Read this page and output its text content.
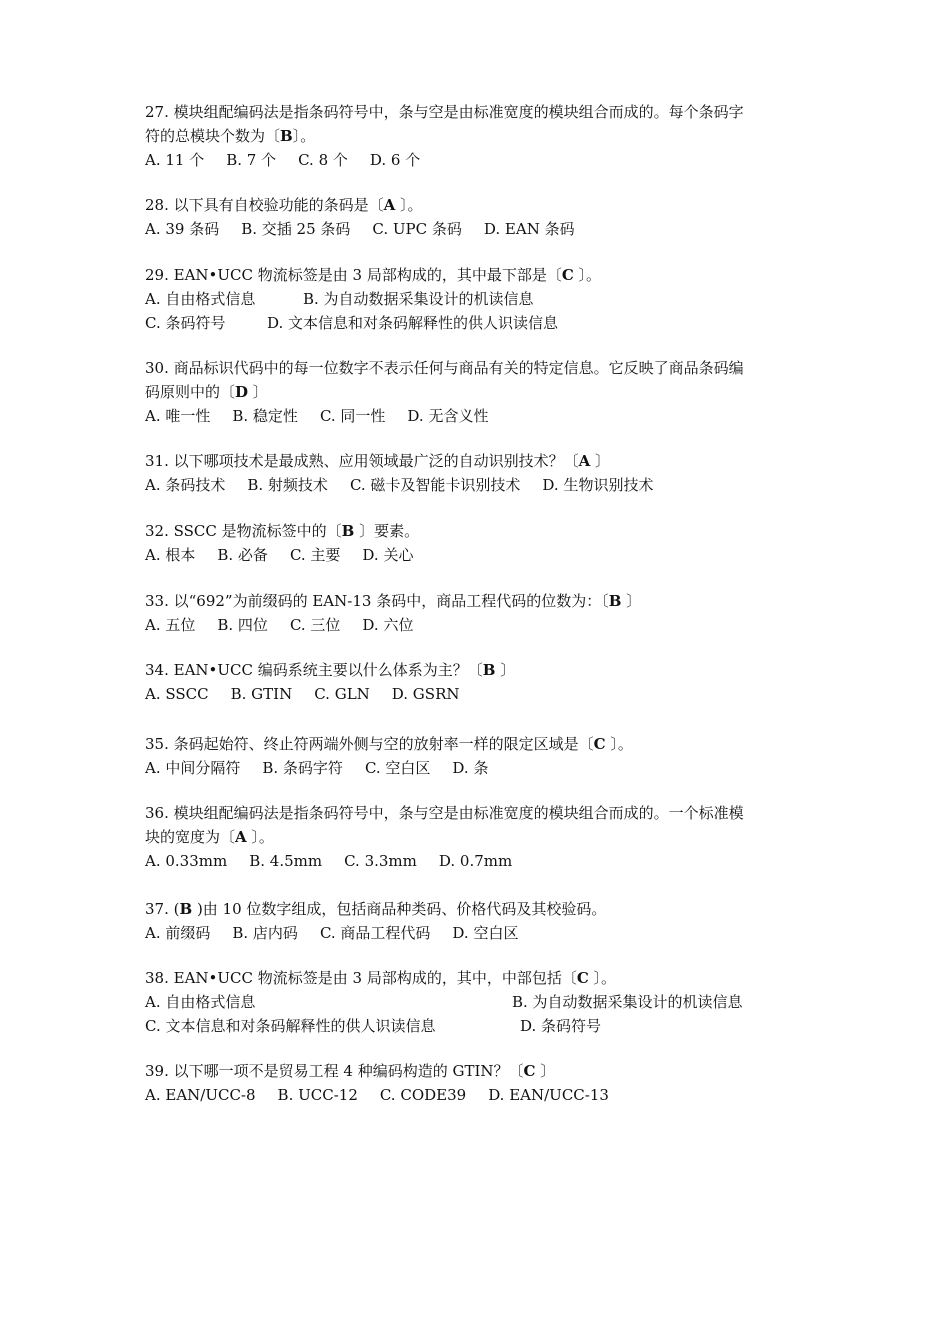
27. 模块组配编码法是指条码符号中，条与空是由标准宽度的模块组合而成的。每个条码字
符的总模块个数为〔B〕。
A. 11 个 B. 7 个 C. 8 个 D. 6 个
28. 以下具有自校验功能的条码是〔A 〕。
A. 39 条码 B. 交插 25 条码 C. UPC 条码 D. EAN 条码
29. EAN•UCC 物流标签是由 3 局部构成的，其中最下部是〔C 〕。
A. 自由格式信息	B. 为自动数据采集设计的机读信息
C. 条码符号	D. 文本信息和对条码解释性的供人识读信息
30. 商品标识代码中的每一位数字不表示任何与商品有关的特定信息。它反映了商品条码编
码原则中的〔D 〕
A. 唯一性 B. 稳定性 C. 同一性 D. 无含义性
31. 以下哪项技术是最成熟、应用领域最广泛的自动识别技术？〔A 〕
A. 条码技术 B. 射频技术 C. 磁卡及智能卡识别技术 D. 生物识别技术
32. SSCC 是物流标签中的〔B 〕要素。
A. 根本 B. 必备 C. 主要 D. 关心
33. 以“692”为前缀码的 EAN-13 条码中，商品工程代码的位数为：〔B 〕
A. 五位 B. 四位 C. 三位 D. 六位
34. EAN•UCC 编码系统主要以什么体系为主？〔B 〕
A. SSCC B. GTIN C. GLN D. GSRN
35. 条码起始符、终止符两端外侧与空的放射率一样的限定区域是〔C 〕。
A. 中间分隔符 B. 条码字符 C. 空白区 D. 条
36. 模块组配编码法是指条码符号中，条与空是由标准宽度的模块组合而成的。一个标准模
块的宽度为〔A 〕。
A. 0.33mm B. 4.5mm C. 3.3mm D. 0.7mm
37. (B )由 10 位数字组成，包括商品种类码、价格代码及其校验码。
A. 前缀码 B. 店内码 C. 商品工程代码 D. 空白区
38. EAN•UCC 物流标签是由 3 局部构成的，其中，中部包括〔C 〕。
A. 自由格式信息	B. 为自动数据采集设计的机读信息
C. 文本信息和对条码解释性的供人识读信息	D. 条码符号
39. 以下哪一项不是贸易工程 4 种编码构造的 GTIN？〔C 〕
A. EAN/UCC-8 B. UCC-12 C. CODE39 D. EAN/UCC-13
